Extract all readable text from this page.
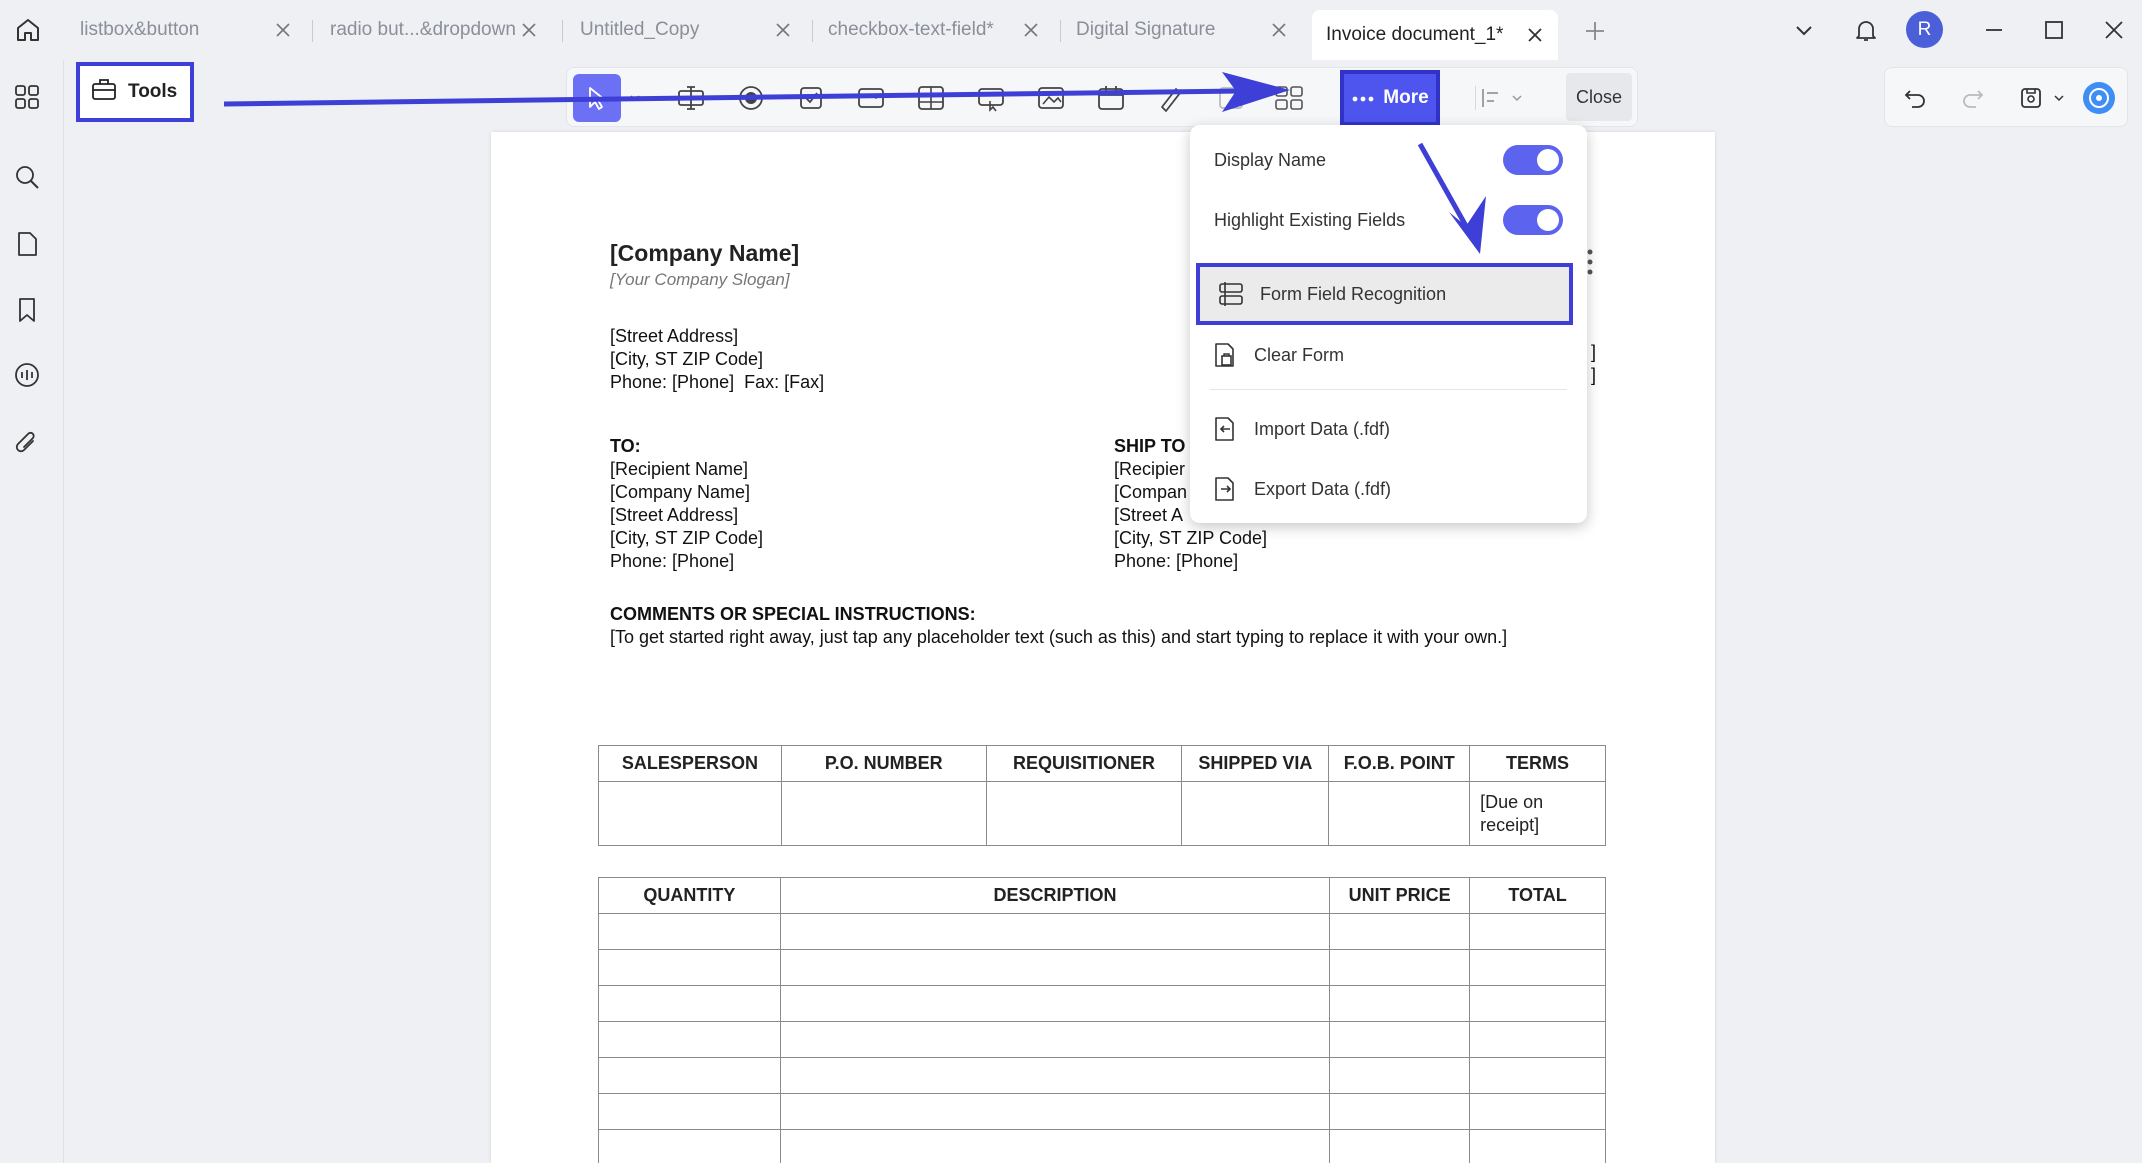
listbox&button	radio but...&dropdown	Untitled_Copy	checkbox-text-field*	Digital Signature	Invoice document_1*	R
Tools	More	Close
[Company Name]
[Your Company Slogan]
[Street Address]
[City, ST ZIP Code]
Phone: [Phone]  Fax: [Fax]
]
]
TO:
[Recipient Name]
[Company Name]
[Street Address]
[City, ST ZIP Code]
Phone: [Phone]
SHIP TO
[Recipier
[Compan
[Street A
[City, ST ZIP Code]
Phone: [Phone]
COMMENTS OR SPECIAL INSTRUCTIONS:
[To get started right away, just tap any placeholder text (such as this) and start typing to replace it with your own.]
SALESPERSON	P.O. NUMBER	REQUISITIONER	SHIPPED VIA	F.O.B. POINT	TERMS
					[Due on
receipt]
QUANTITY	DESCRIPTION	UNIT PRICE	TOTAL

Display Name
Highlight Existing Fields
Form Field Recognition
Clear Form
Import Data (.fdf)
Export Data (.fdf)
